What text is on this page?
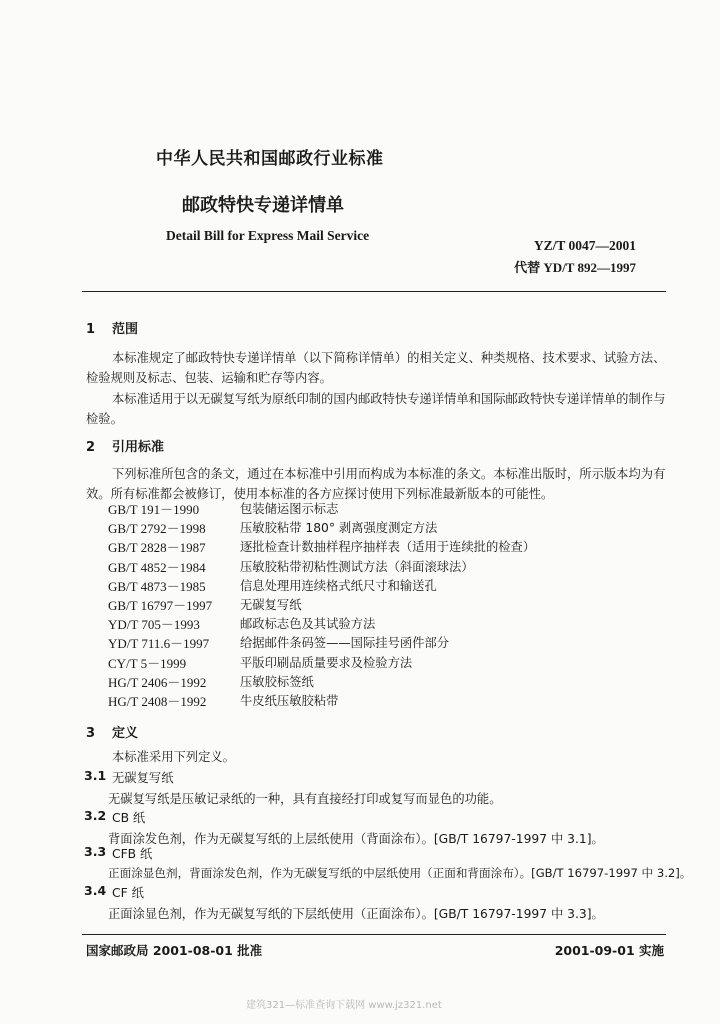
中华人民共和国邮政行业标准
邮政特快专递详情单
Detail Bill for Express Mail Service
YZ/T 0047—2001
代替 YD/T 892—1997
1 范围
本标准规定了邮政特快专递详情单（以下简称详情单）的相关定义、种类规格、技术要求、试验方法、检验规则及标志、包装、运输和贮存等内容。
本标准适用于以无碳复写纸为原纸印制的国内邮政特快专递详情单和国际邮政特快专递详情单的制作与检验。
2 引用标准
下列标准所包含的条文，通过在本标准中引用而构成为本标准的条文。本标准出版时，所示版本均为有效。所有标准都会被修订，使用本标准的各方应探讨使用下列标准最新版本的可能性。
GB/T 191－1990	包装储运图示标志
GB/T 2792－1998	压敏胶粘带 180° 剥离强度测定方法
GB/T 2828－1987	逐批检查计数抽样程序抽样表（适用于连续批的检查）
GB/T 4852－1984	压敏胶粘带初粘性测试方法（斜面滚球法）
GB/T 4873－1985	信息处理用连续格式纸尺寸和输送孔
GB/T 16797－1997	无碳复写纸
YD/T 705－1993	邮政标志色及其试验方法
YD/T 711.6－1997	给据邮件条码签——国际挂号函件部分
CY/T 5－1999	平版印刷品质量要求及检验方法
HG/T 2406－1992	压敏胶标签纸
HG/T 2408－1992	牛皮纸压敏胶粘带
3 定义
本标准采用下列定义。
3.1 无碳复写纸
无碳复写纸是压敏记录纸的一种，具有直接经打印或复写而显色的功能。
3.2 CB 纸
背面涂发色剂，作为无碳复写纸的上层纸使用（背面涂布）。[GB/T 16797-1997 中 3.1]。
3.3 CFB 纸
正面涂显色剂，背面涂发色剂，作为无碳复写纸的中层纸使用（正面和背面涂布）。[GB/T 16797-1997 中 3.2]。
3.4 CF 纸
正面涂显色剂，作为无碳复写纸的下层纸使用（正面涂布）。[GB/T 16797-1997 中 3.3]。
国家邮政局 2001-08-01 批准	2001-09-01 实施
建筑321—标准查询下载网 www.jz321.net
